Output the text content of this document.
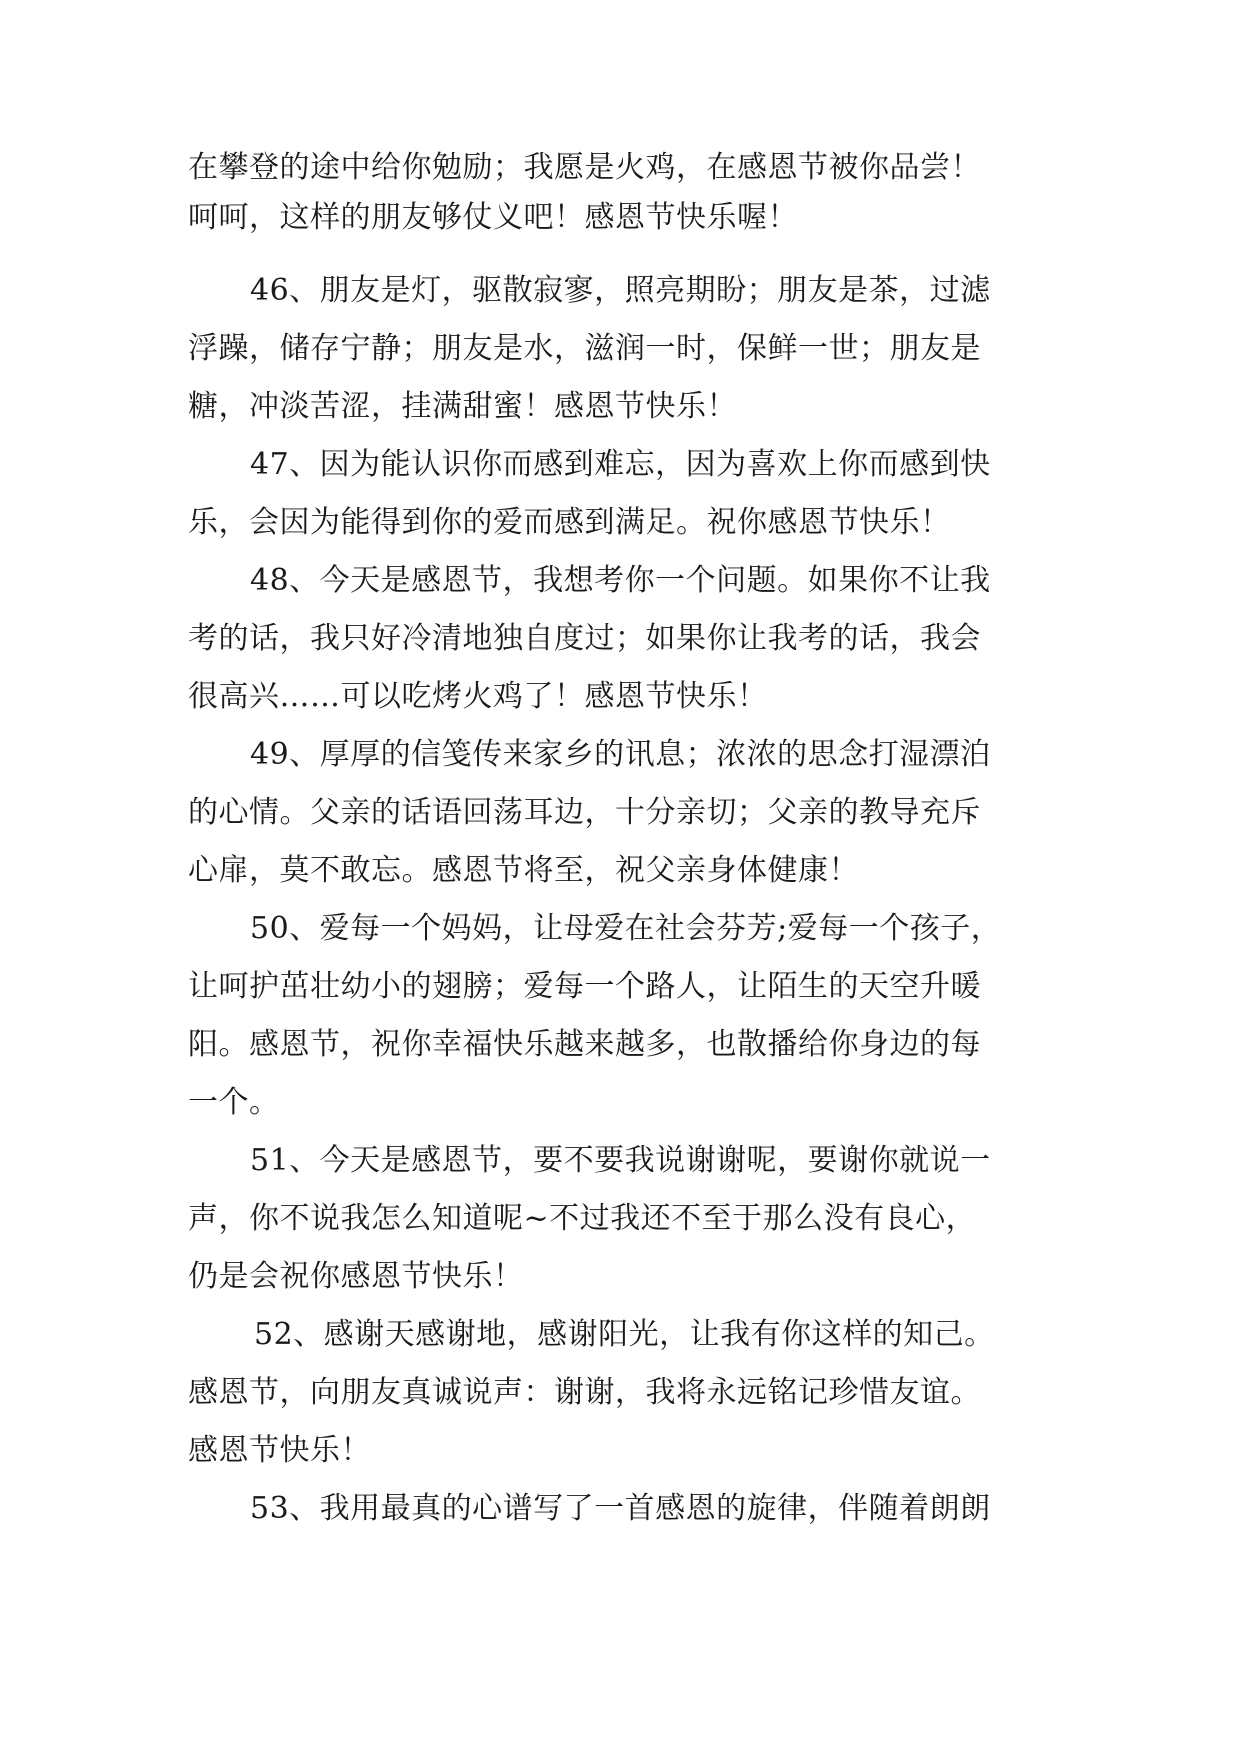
在攀登的途中给你勉励；我愿是火鸡，在感恩节被你品尝！
呵呵，这样的朋友够仗义吧！感恩节快乐喔！
46、朋友是灯，驱散寂寥，照亮期盼；朋友是茶，过滤
浮躁，储存宁静；朋友是水，滋润一时，保鲜一世；朋友是
糖，冲淡苦涩，挂满甜蜜！感恩节快乐！
47、因为能认识你而感到难忘，因为喜欢上你而感到快
乐，会因为能得到你的爱而感到满足。祝你感恩节快乐！
48、今天是感恩节，我想考你一个问题。如果你不让我
考的话，我只好冷清地独自度过；如果你让我考的话，我会
很高兴……可以吃烤火鸡了！感恩节快乐！
49、厚厚的信笺传来家乡的讯息；浓浓的思念打湿漂泊
的心情。父亲的话语回荡耳边，十分亲切；父亲的教导充斥
心扉，莫不敢忘。感恩节将至，祝父亲身体健康！
50、爱每一个妈妈，让母爱在社会芬芳;爱每一个孩子，
让呵护茁壮幼小的翅膀；爱每一个路人，让陌生的天空升暖
阳。感恩节，祝你幸福快乐越来越多，也散播给你身边的每
一个。
51、今天是感恩节，要不要我说谢谢呢，要谢你就说一
声，你不说我怎么知道呢~不过我还不至于那么没有良心，
仍是会祝你感恩节快乐！
52、感谢天感谢地，感谢阳光，让我有你这样的知己。
感恩节，向朋友真诚说声：谢谢，我将永远铭记珍惜友谊。
感恩节快乐！
53、我用最真的心谱写了一首感恩的旋律，伴随着朗朗
